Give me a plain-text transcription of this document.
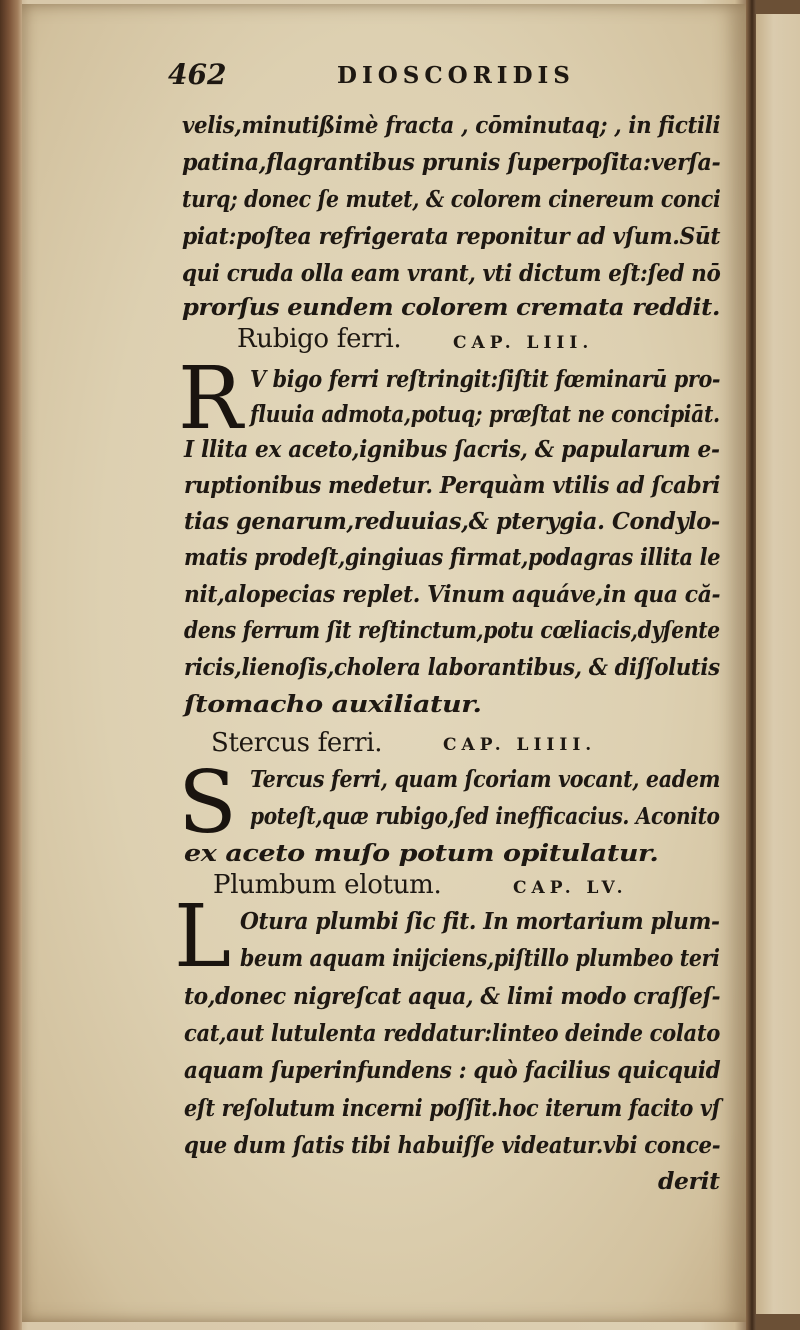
462	DIOSCORIDIS
velis,minutißimè fracta , cōminutaq; , in fictili
patina,flagrantibus prunis ſuperpoſita:verſa-
turq; donec ſe mutet, & colorem cinereum conci
piat:poſtea refrigerata reponitur ad vſum.Sūt
qui cruda olla eam vrant, vti dictum eſt:ſed nō
prorſus eundem colorem cremata reddit.
Rubigo ferri.	CAP. LIII.
R V bigo ferri reſtringit:ſiſtit fœminarū pro-
fluuia admota,potuq; præſtat ne concipiāt.
I llita ex aceto,ignibus ſacris, & papularum e-
ruptionibus medetur. Perquàm vtilis ad ſcabri
tias genarum,reduuias,& pterygia. Condylo-
matis prodeſt,gingiuas firmat,podagras illita le
nit,alopecias replet. Vinum aquáve,in qua că-
dens ferrum ſit reſtinctum,potu cœliacis,dyſente
ricis,lienoſis,cholera laborantibus, & diſſolutis
ſtomacho auxiliatur.
Stercus ferri.	CAP. LIIII.
S Tercus ferri, quam ſcoriam vocant, eadem
poteſt,quæ rubigo,ſed inefficacius. Aconito
ex aceto muſo potum opitulatur.
Plumbum elotum.	CAP. LV.
L Otura plumbi ſic fit. In mortarium plum-
beum aquam inijciens,piſtillo plumbeo teri
to,donec nigreſcat aqua, & limi modo craſſeſ-
cat,aut lutulenta reddatur:linteo deinde colato
aquam ſuperinfundens : quò facilius quicquid
eſt reſolutum incerni poſſit.hoc iterum facito vſ
que dum ſatis tibi habuiſſe videatur.vbi conce-
derit
